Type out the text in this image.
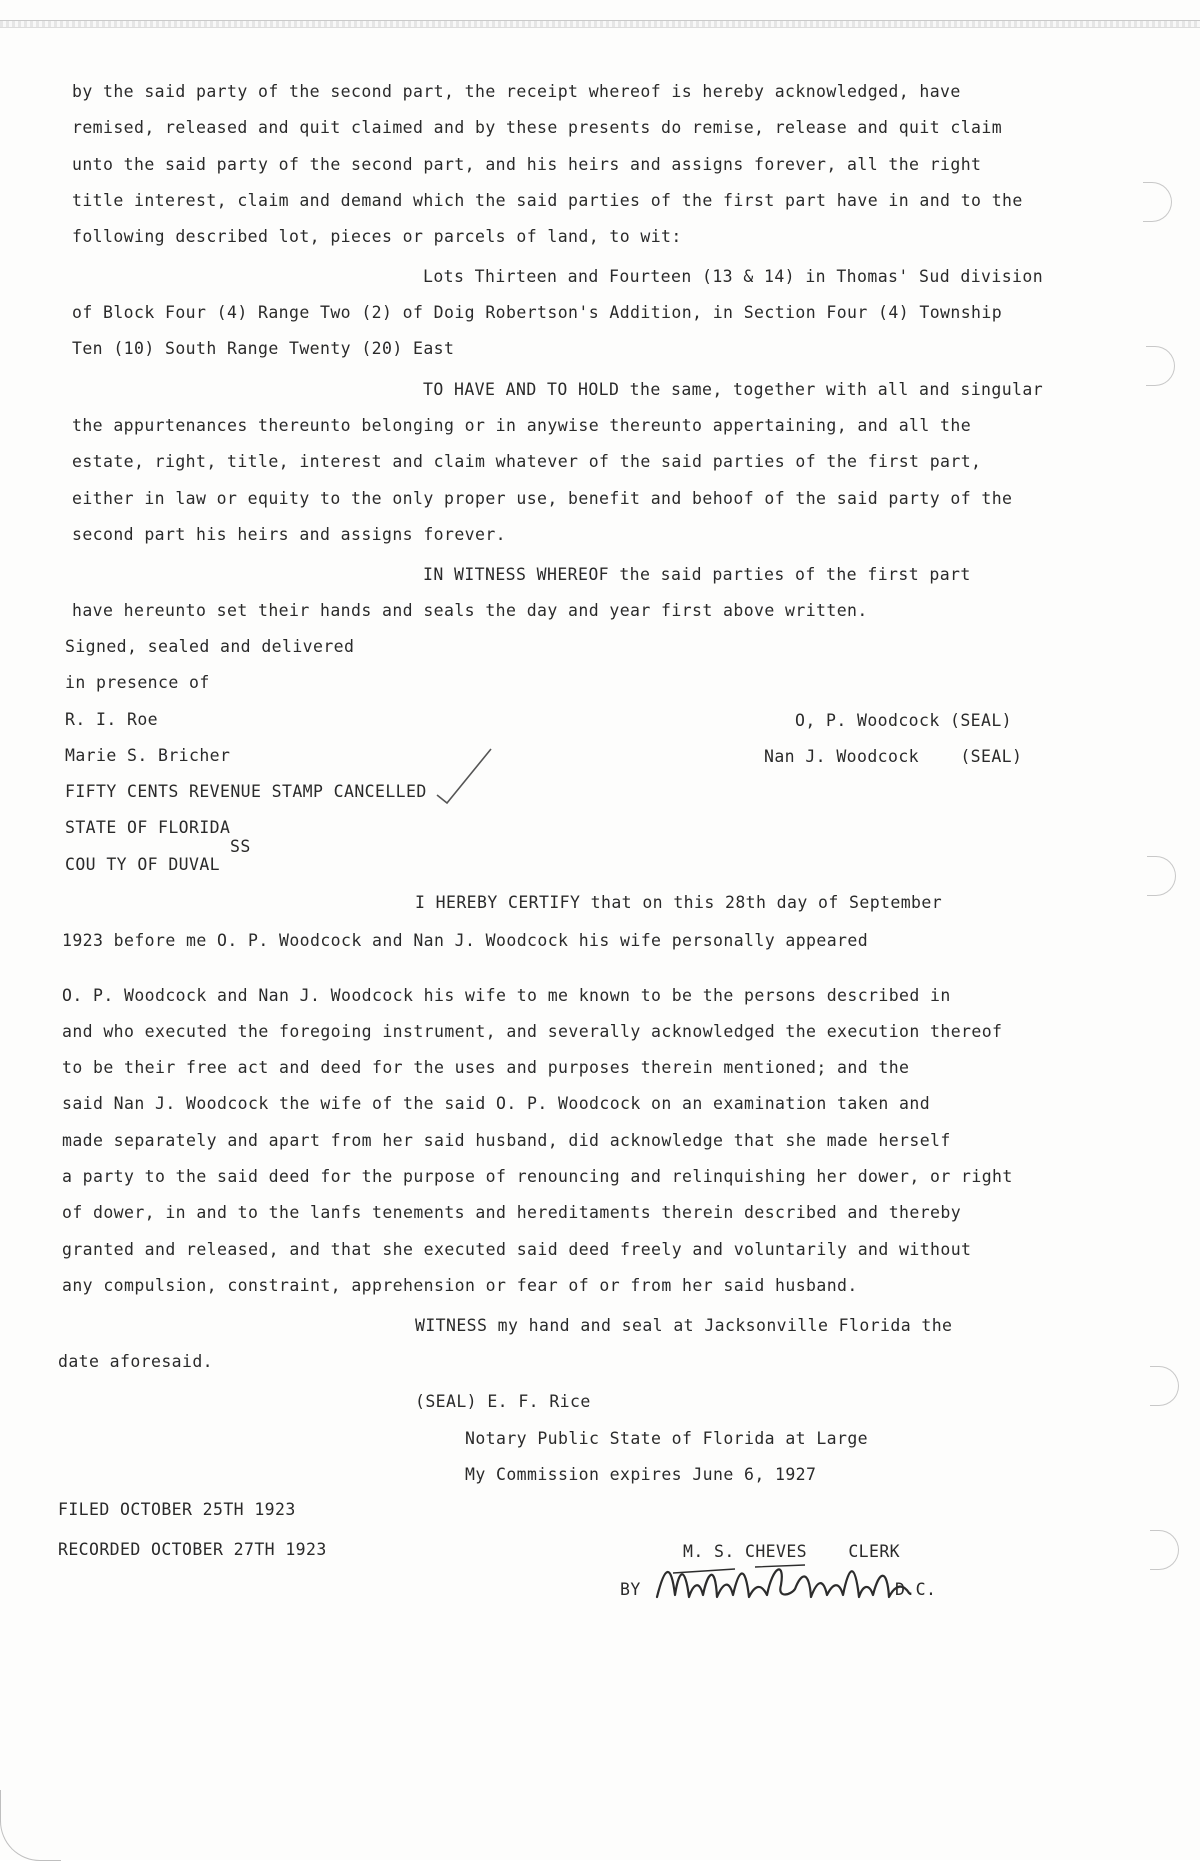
by the said party of the second part, the receipt whereof is hereby acknowledged, have
remised, released and quit claimed and by these presents do remise, release and quit claim
unto the said party of the second part, and his heirs and assigns forever, all the right
title interest, claim and demand which the said parties of the first part have in and to the
following described lot, pieces or parcels of land, to wit:
Lots Thirteen and Fourteen (13 & 14) in Thomas' Sud division
of Block Four (4) Range Two (2) of Doig Robertson's Addition, in Section Four (4) Township
Ten (10) South Range Twenty (20) East
TO HAVE AND TO HOLD the same, together with all and singular
the appurtenances thereunto belonging or in anywise thereunto appertaining, and all the
estate, right, title, interest and claim whatever of the said parties of the first part,
either in law or equity to the only proper use, benefit and behoof of the said party of the
second part his heirs and assigns forever.
IN WITNESS WHEREOF the said parties of the first part
have hereunto set their hands and seals the day and year first above written.
Signed, sealed and delivered
in presence of
R. I. Roe
Marie S. Bricher
O, P. Woodcock (SEAL)
Nan J. Woodcock    (SEAL)
FIFTY CENTS REVENUE STAMP CANCELLED
STATE OF FLORIDA
SS
COU TY OF DUVAL
I HEREBY CERTIFY that on this 28th day of September
1923 before me O. P. Woodcock and Nan J. Woodcock his wife personally appeared
O. P. Woodcock and Nan J. Woodcock his wife to me known to be the persons described in
and who executed the foregoing instrument, and severally acknowledged the execution thereof
to be their free act and deed for the uses and purposes therein mentioned; and the
said Nan J. Woodcock the wife of the said O. P. Woodcock on an examination taken and
made separately and apart from her said husband, did acknowledge that she made herself
a party to the said deed for the purpose of renouncing and relinquishing her dower, or right
of dower, in and to the lanfs tenements and hereditaments therein described and thereby
granted and released, and that she executed said deed freely and voluntarily and without
any compulsion, constraint, apprehension or fear of or from her said husband.
WITNESS my hand and seal at Jacksonville Florida the
date aforesaid.
(SEAL) E. F. Rice
Notary Public State of Florida at Large
My Commission expires June 6, 1927
FILED OCTOBER 25TH 1923
RECORDED OCTOBER 27TH 1923	M. S. CHEVES    CLERK
BY	D.C.
